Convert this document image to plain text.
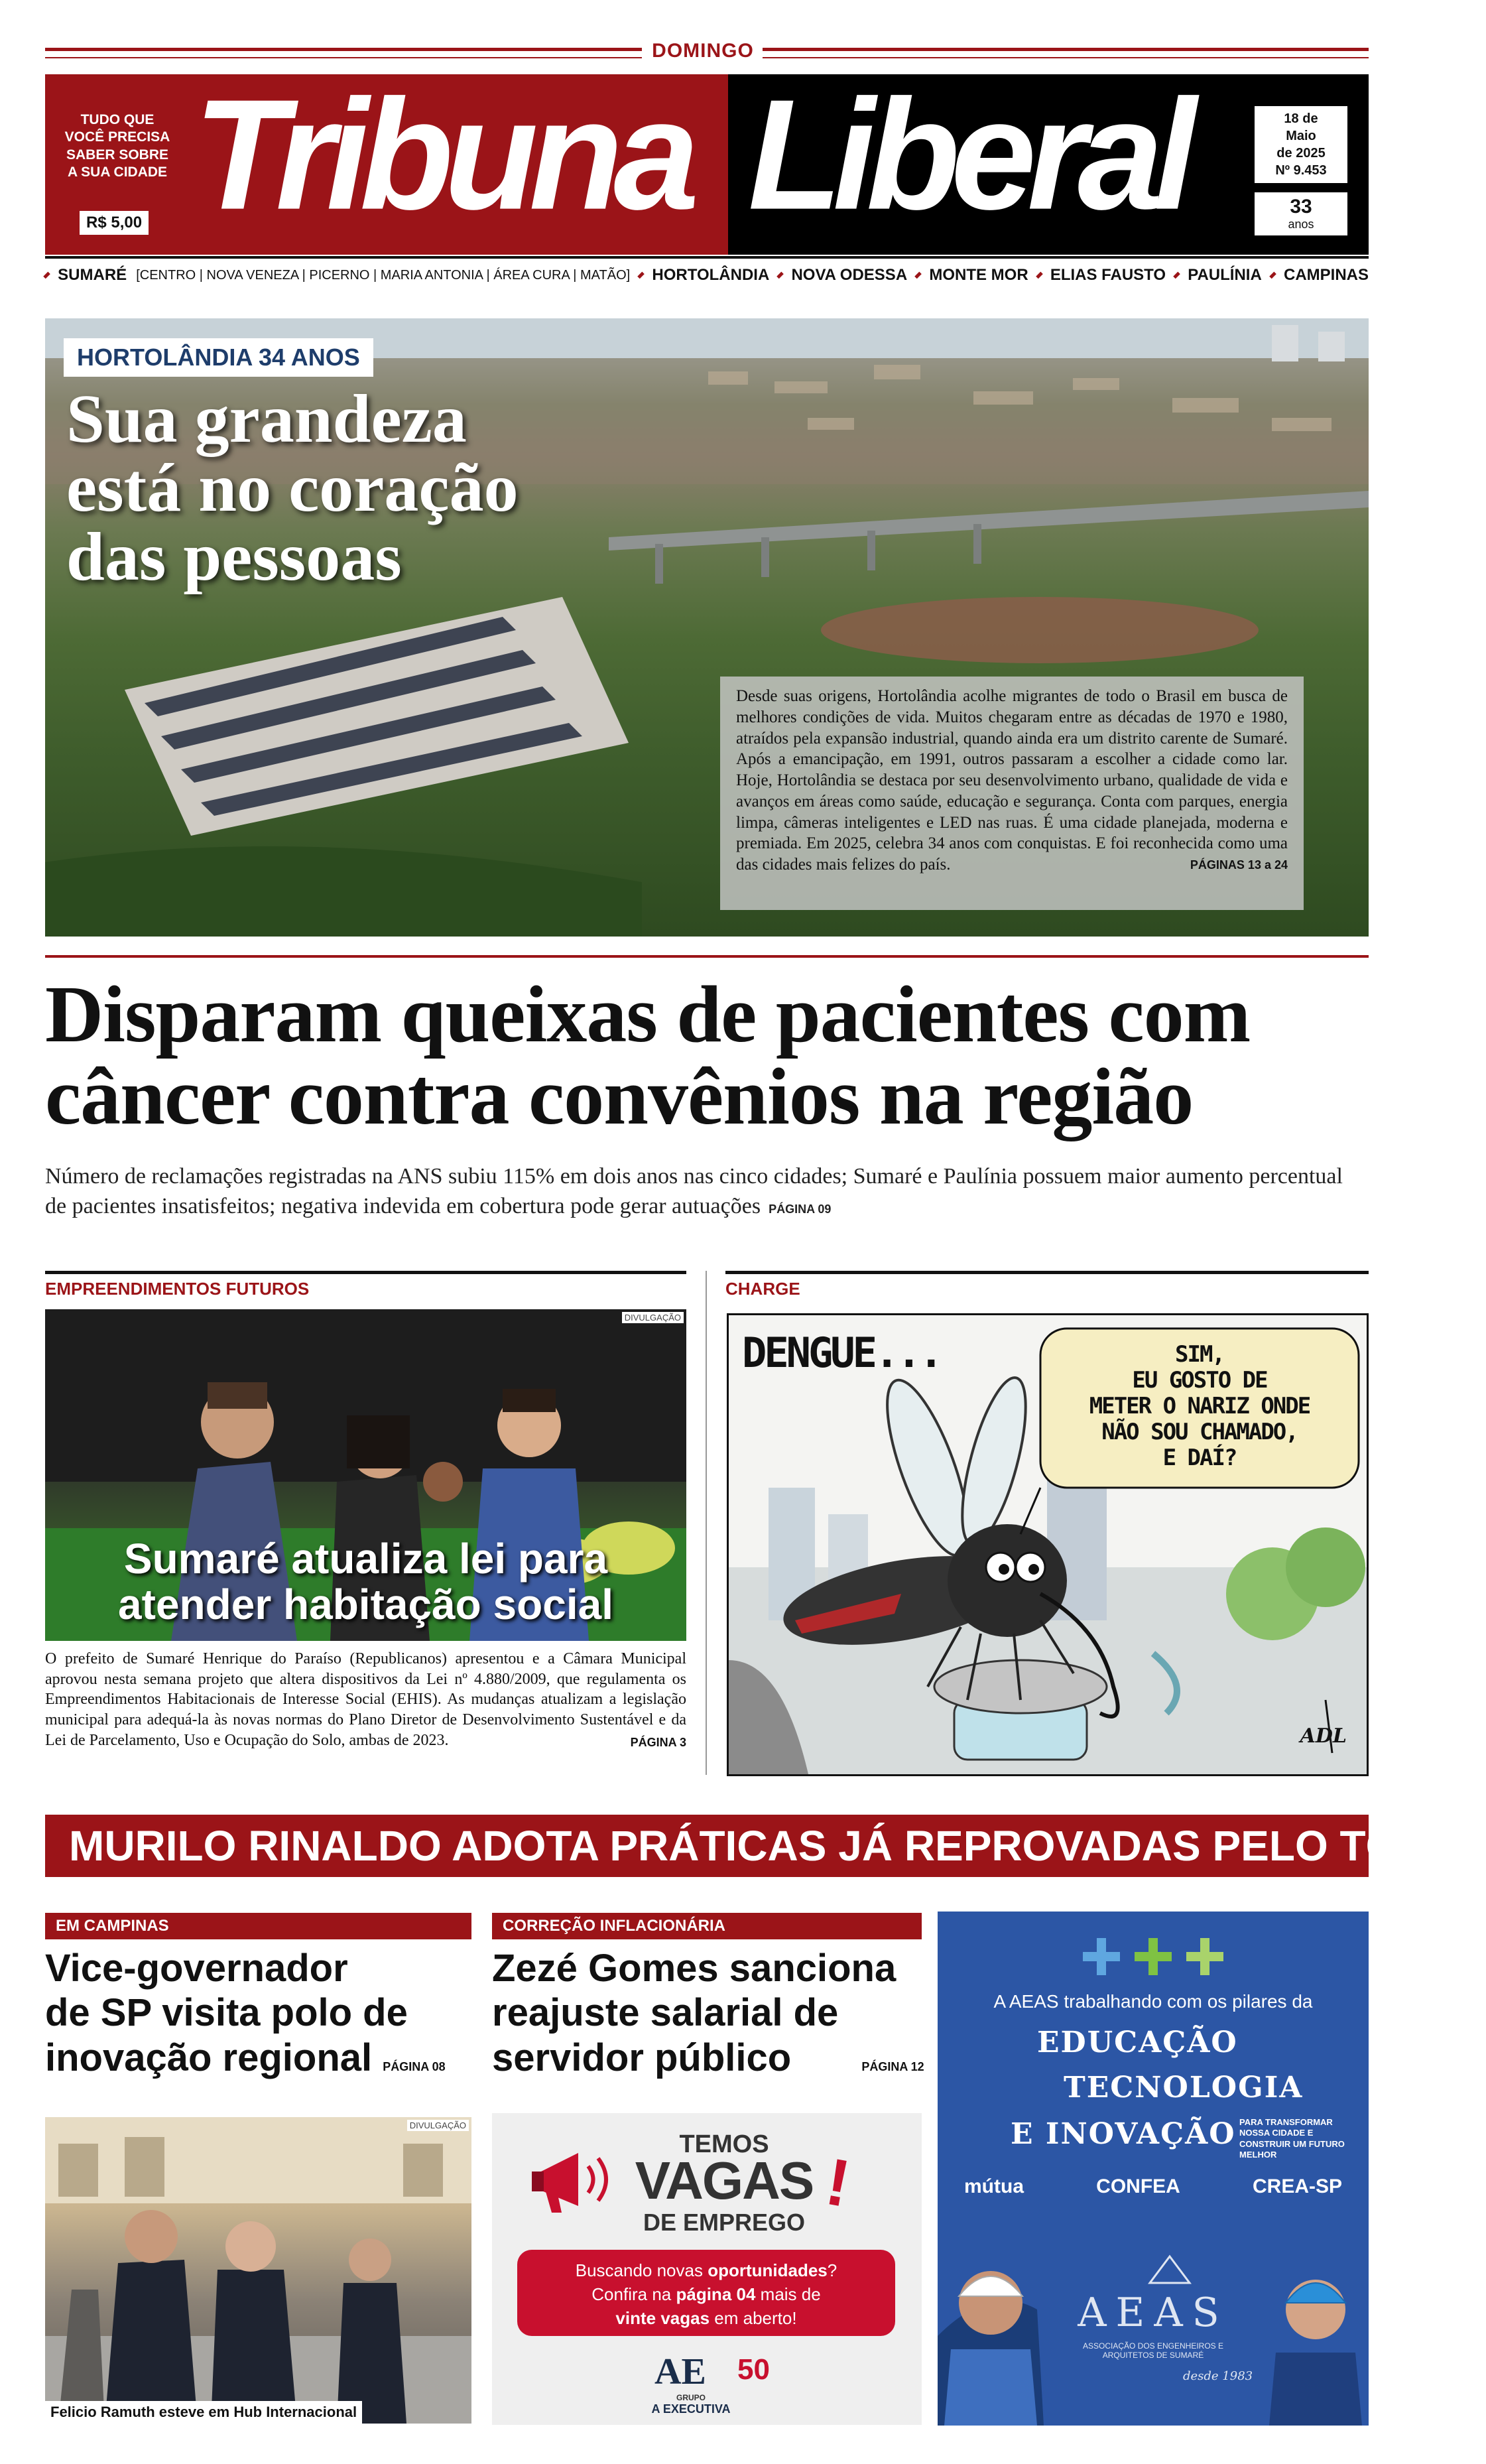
DOMINGO
Tribuna Liberal
TUDO QUE
VOCÊ PRECISA
SABER SOBRE
A SUA CIDADE
R$ 5,00
18 de
Maio
de 2025
Nº 9.453
33
anos
SUMARÉ [CENTRO | NOVA VENEZA | PICERNO | MARIA ANTONIA | ÁREA CURA | MATÃO] HORTOLÂNDIA NOVA ODESSA MONTE MOR ELIAS FAUSTO PAULÍNIA CAMPINAS
HORTOLÂNDIA 34 ANOS
Sua grandeza
está no coração
das pessoas
Desde suas origens, Hortolândia acolhe migrantes de todo o Brasil em busca de melhores condições de vida. Muitos chegaram entre as décadas de 1970 e 1980, atraídos pela expansão industrial, quando ainda era um distrito carente de Sumaré. Após a emancipação, em 1991, outros passaram a escolher a cidade como lar. Hoje, Hortolândia se destaca por seu desenvolvimento urbano, qualidade de vida e avanços em áreas como saúde, educação e segurança. Conta com parques, energia limpa, câmeras inteligentes e LED nas ruas. É uma cidade planejada, moderna e premiada. Em 2025, celebra 34 anos com conquistas. E foi reconhecida como uma das cidades mais felizes do país.	PÁGINAS 13 a 24
Disparam queixas de pacientes com
câncer contra convênios na região
Número de reclamações registradas na ANS subiu 115% em dois anos nas cinco cidades; Sumaré e Paulínia possuem maior aumento percentual de pacientes insatisfeitos; negativa indevida em cobertura pode gerar autuações PÁGINA 09
EMPREENDIMENTOS FUTUROS
DIVULGAÇÃO
Sumaré atualiza lei para
atender habitação social
O prefeito de Sumaré Henrique do Paraíso (Republicanos) apresentou e a Câmara Municipal aprovou nesta semana projeto que altera dispositivos da Lei nº 4.880/2009, que regulamenta os Empreendimentos Habitacionais de Interesse Social (EHIS). As mudanças atualizam a legislação municipal para adequá-la às novas normas do Plano Diretor de Desenvolvimento Sustentável e da Lei de Parcelamento, Uso e Ocupação do Solo, ambas de 2023.	PÁGINA 3
CHARGE
DENGUE...	SIM,
EU GOSTO DE
METER O NARIZ ONDE
NÃO SOU CHAMADO,
E DAÍ?
ADL
MURILO RINALDO ADOTA PRÁTICAS JÁ REPROVADAS PELO TCE PÁG. 05
EM CAMPINAS
Vice-governador
de SP visita polo de
inovação regional PÁGINA 08
DIVULGAÇÃO
Felicio Ramuth esteve em Hub Internacional
CORREÇÃO INFLACIONÁRIA
Zezé Gomes sanciona
reajuste salarial de
servidor público	PÁGINA 12
TEMOS
VAGAS !
DE EMPREGO
Buscando novas oportunidades?
Confira na página 04 mais de
vinte vagas em aberto!
AE 50
GRUPO
A EXECUTIVA
A AEAS trabalhando com os pilares da
EDUCAÇÃO
TECNOLOGIA
E INOVAÇÃO PARA TRANSFORMAR NOSSA CIDADE E CONSTRUIR UM FUTURO MELHOR
mútua	CONFEA	CREA-SP
AEAS
ASSOCIAÇÃO DOS ENGENHEIROS E ARQUITETOS DE SUMARÉ
desde 1983
